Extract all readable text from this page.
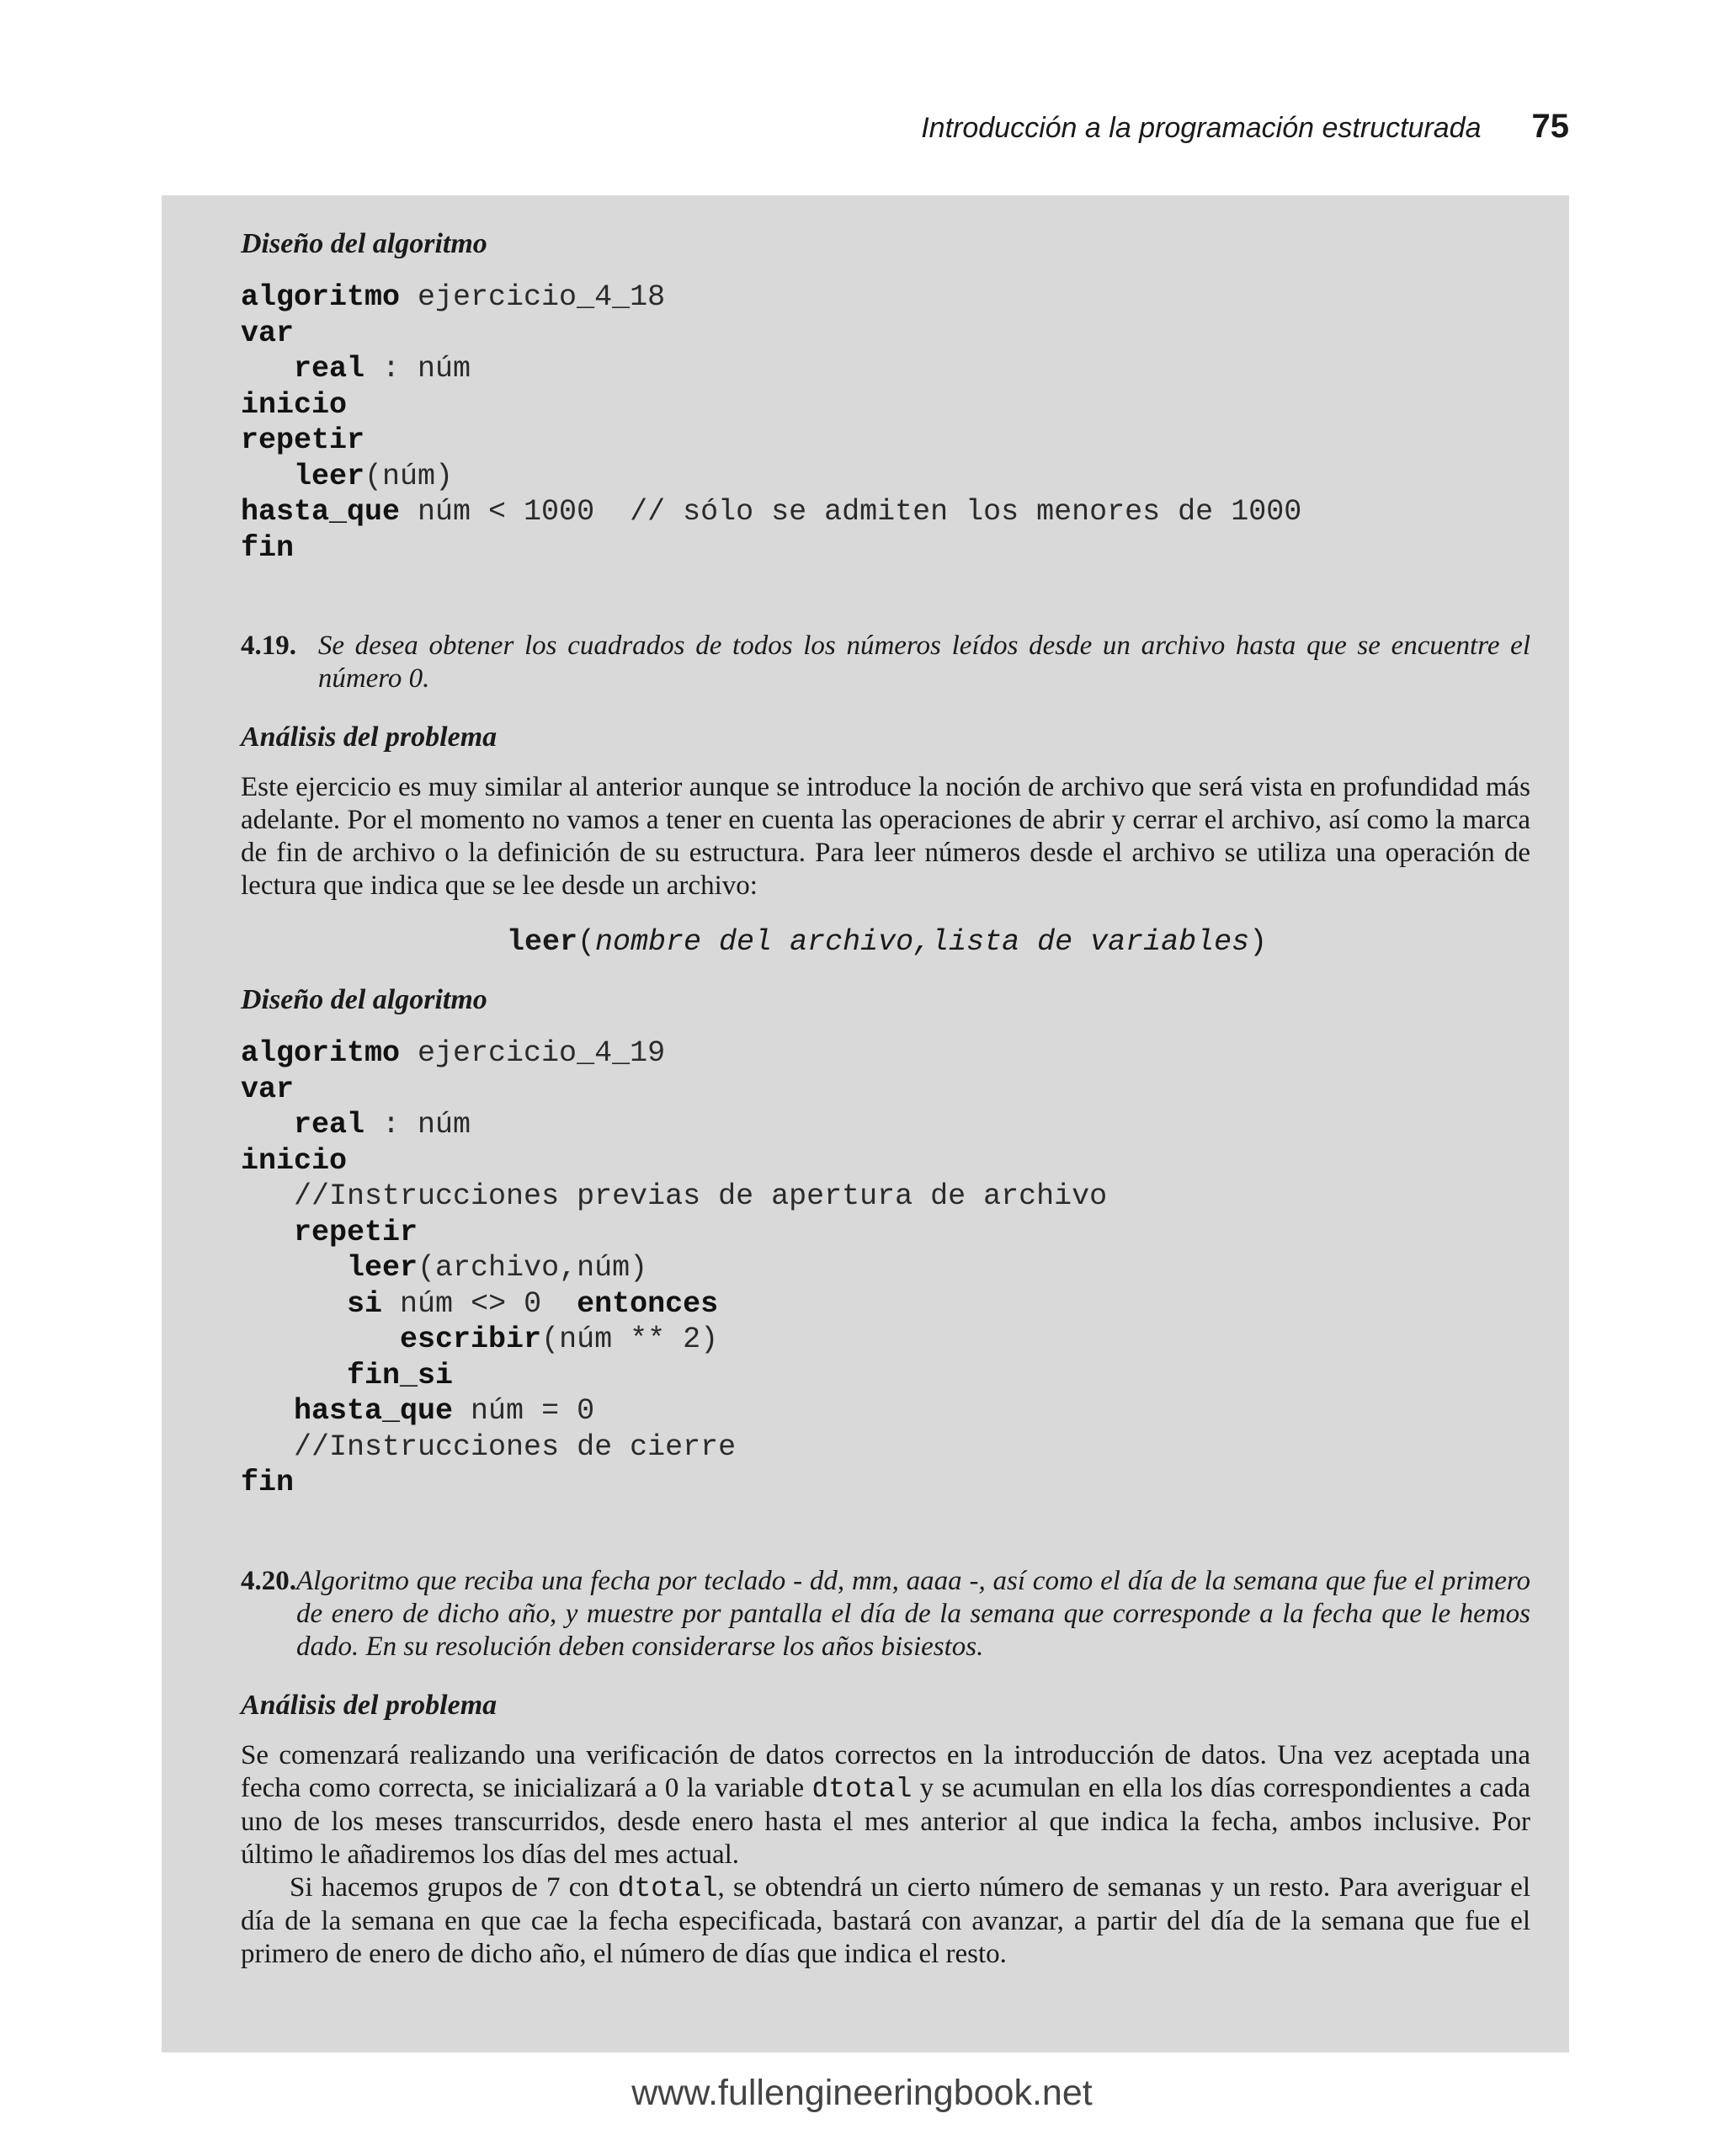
Introducción a la programación estructurada 75
Diseño del algoritmo
algoritmo ejercicio_4_18
var
real : núm
inicio
repetir
leer(núm)
hasta_que núm < 1000  // sólo se admiten los menores de 1000
fin
4.19. Se desea obtener los cuadrados de todos los números leídos desde un archivo hasta que se encuentre el número 0.
Análisis del problema
Este ejercicio es muy similar al anterior aunque se introduce la noción de archivo que será vista en profundidad más adelante. Por el momento no vamos a tener en cuenta las operaciones de abrir y cerrar el archivo, así como la marca de fin de archivo o la definición de su estructura. Para leer números desde el archivo se utiliza una operación de lectura que indica que se lee desde un archivo:
leer(nombre del archivo,lista de variables)
Diseño del algoritmo
algoritmo ejercicio_4_19
var
real : núm
inicio
//Instrucciones previas de apertura de archivo
repetir
leer(archivo,núm)
si núm <> 0  entonces
escribir(núm ** 2)
fin_si
hasta_que núm = 0
//Instrucciones de cierre
fin
4.20. Algoritmo que reciba una fecha por teclado - dd, mm, aaaa -, así como el día de la semana que fue el primero de enero de dicho año, y muestre por pantalla el día de la semana que corresponde a la fecha que le hemos dado. En su resolución deben considerarse los años bisiestos.
Análisis del problema
Se comenzará realizando una verificación de datos correctos en la introducción de datos. Una vez aceptada una fecha como correcta, se inicializará a 0 la variable dtotal y se acumulan en ella los días correspondientes a cada uno de los meses transcurridos, desde enero hasta el mes anterior al que indica la fecha, ambos inclusive. Por último le añadiremos los días del mes actual.
Si hacemos grupos de 7 con dtotal, se obtendrá un cierto número de semanas y un resto. Para averiguar el día de la semana en que cae la fecha especificada, bastará con avanzar, a partir del día de la semana que fue el primero de enero de dicho año, el número de días que indica el resto.
www.fullengineeringbook.net
